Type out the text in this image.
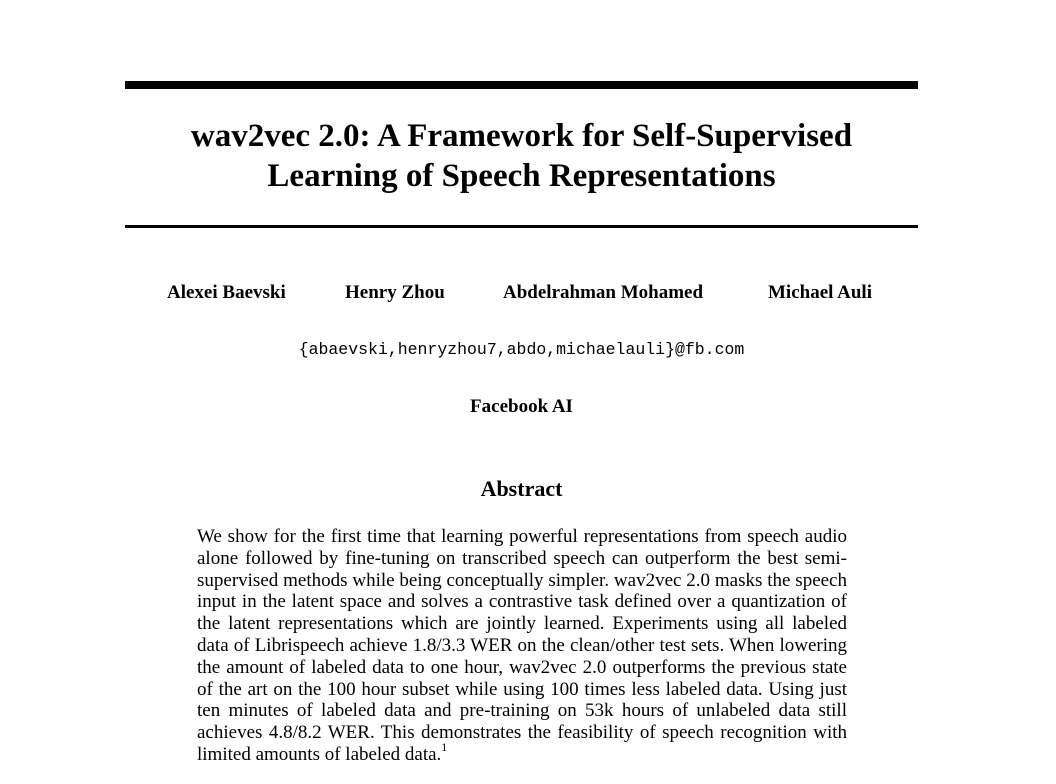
wav2vec 2.0: A Framework for Self-Supervised
Learning of Speech Representations
Alexei Baevski	Henry Zhou	Abdelrahman Mohamed	Michael Auli
{abaevski,henryzhou7,abdo,michaelauli}@fb.com
Facebook AI
Abstract

We show for the first time that learning powerful representations from speech audio alone followed by fine-tuning on transcribed speech can outperform the best semi-supervised methods while being conceptually simpler. wav2vec 2.0 masks the speech input in the latent space and solves a contrastive task defined over a quantization of the latent representations which are jointly learned. Experiments using all labeled data of Librispeech achieve 1.8/3.3 WER on the clean/other test sets. When lowering the amount of labeled data to one hour, wav2vec 2.0 outperforms the previous state of the art on the 100 hour subset while using 100 times less labeled data. Using just ten minutes of labeled data and pre-training on 53k hours of unlabeled data still achieves 4.8/8.2 WER. This demonstrates the feasibility of speech recognition with limited amounts of labeled data.$^1$
